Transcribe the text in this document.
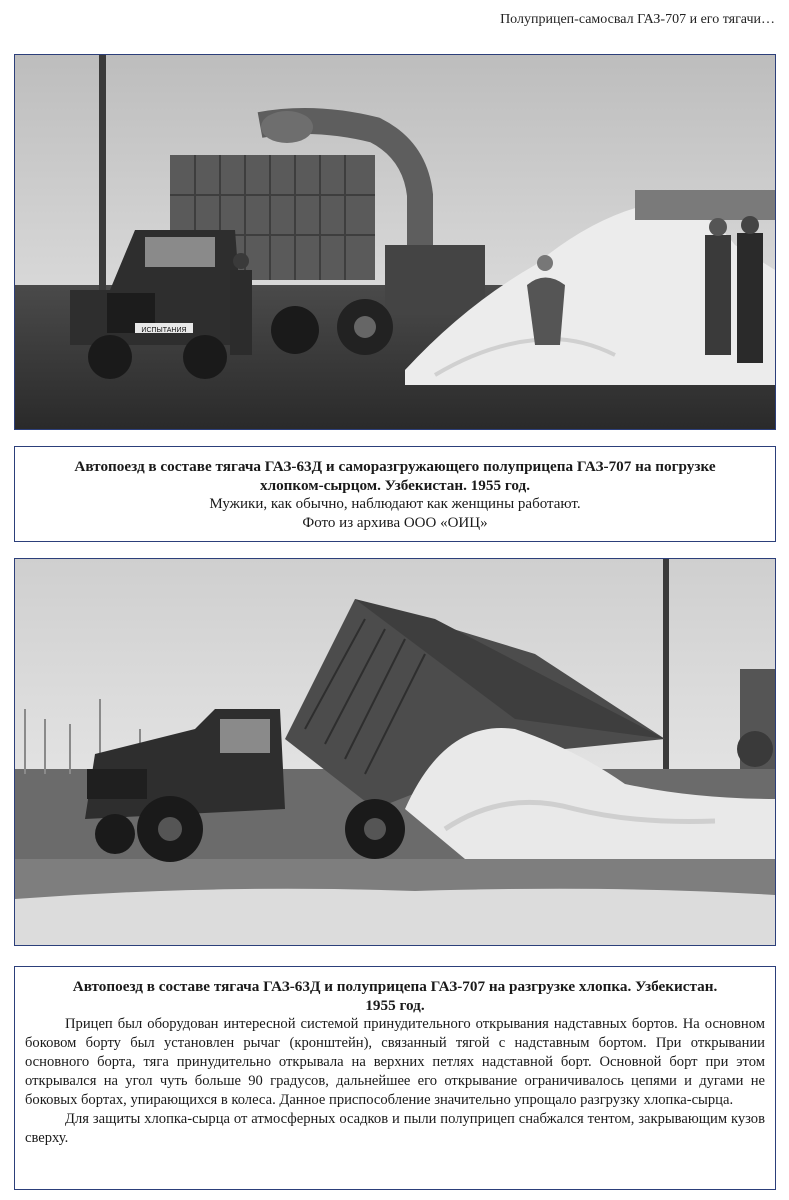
Полуприцеп-самосвал ГАЗ-707 и его тягачи…
ИСПЫТАНИЯ
Автопоезд в составе тягача ГАЗ-63Д и саморазгружающего полуприцепа ГАЗ-707 на погрузке хлопком-сырцом. Узбекистан. 1955 год.
Мужики, как обычно, наблюдают как женщины работают.
Фото из архива ООО «ОИЦ»
Автопоезд в составе тягача ГАЗ-63Д и полуприцепа ГАЗ-707 на разгрузке хлопка. Узбекистан. 1955 год.
Прицеп был оборудован интересной системой принудительного открывания надставных бортов. На основном боковом борту был установлен рычаг (кронштейн), связанный тягой с надставным бортом. При открывании основного борта, тяга принудительно открывала на верхних петлях надставной борт. Основной борт при этом открывался на угол чуть больше 90 градусов, дальнейшее его открывание ограничивалось цепями и дугами не боковых бортах, упирающихся в колеса. Данное приспособление значительно упрощало разгрузку хлопка-сырца.
Для защиты хлопка-сырца от атмосферных осадков и пыли полуприцеп снабжался тентом, закрывающим кузов сверху.
